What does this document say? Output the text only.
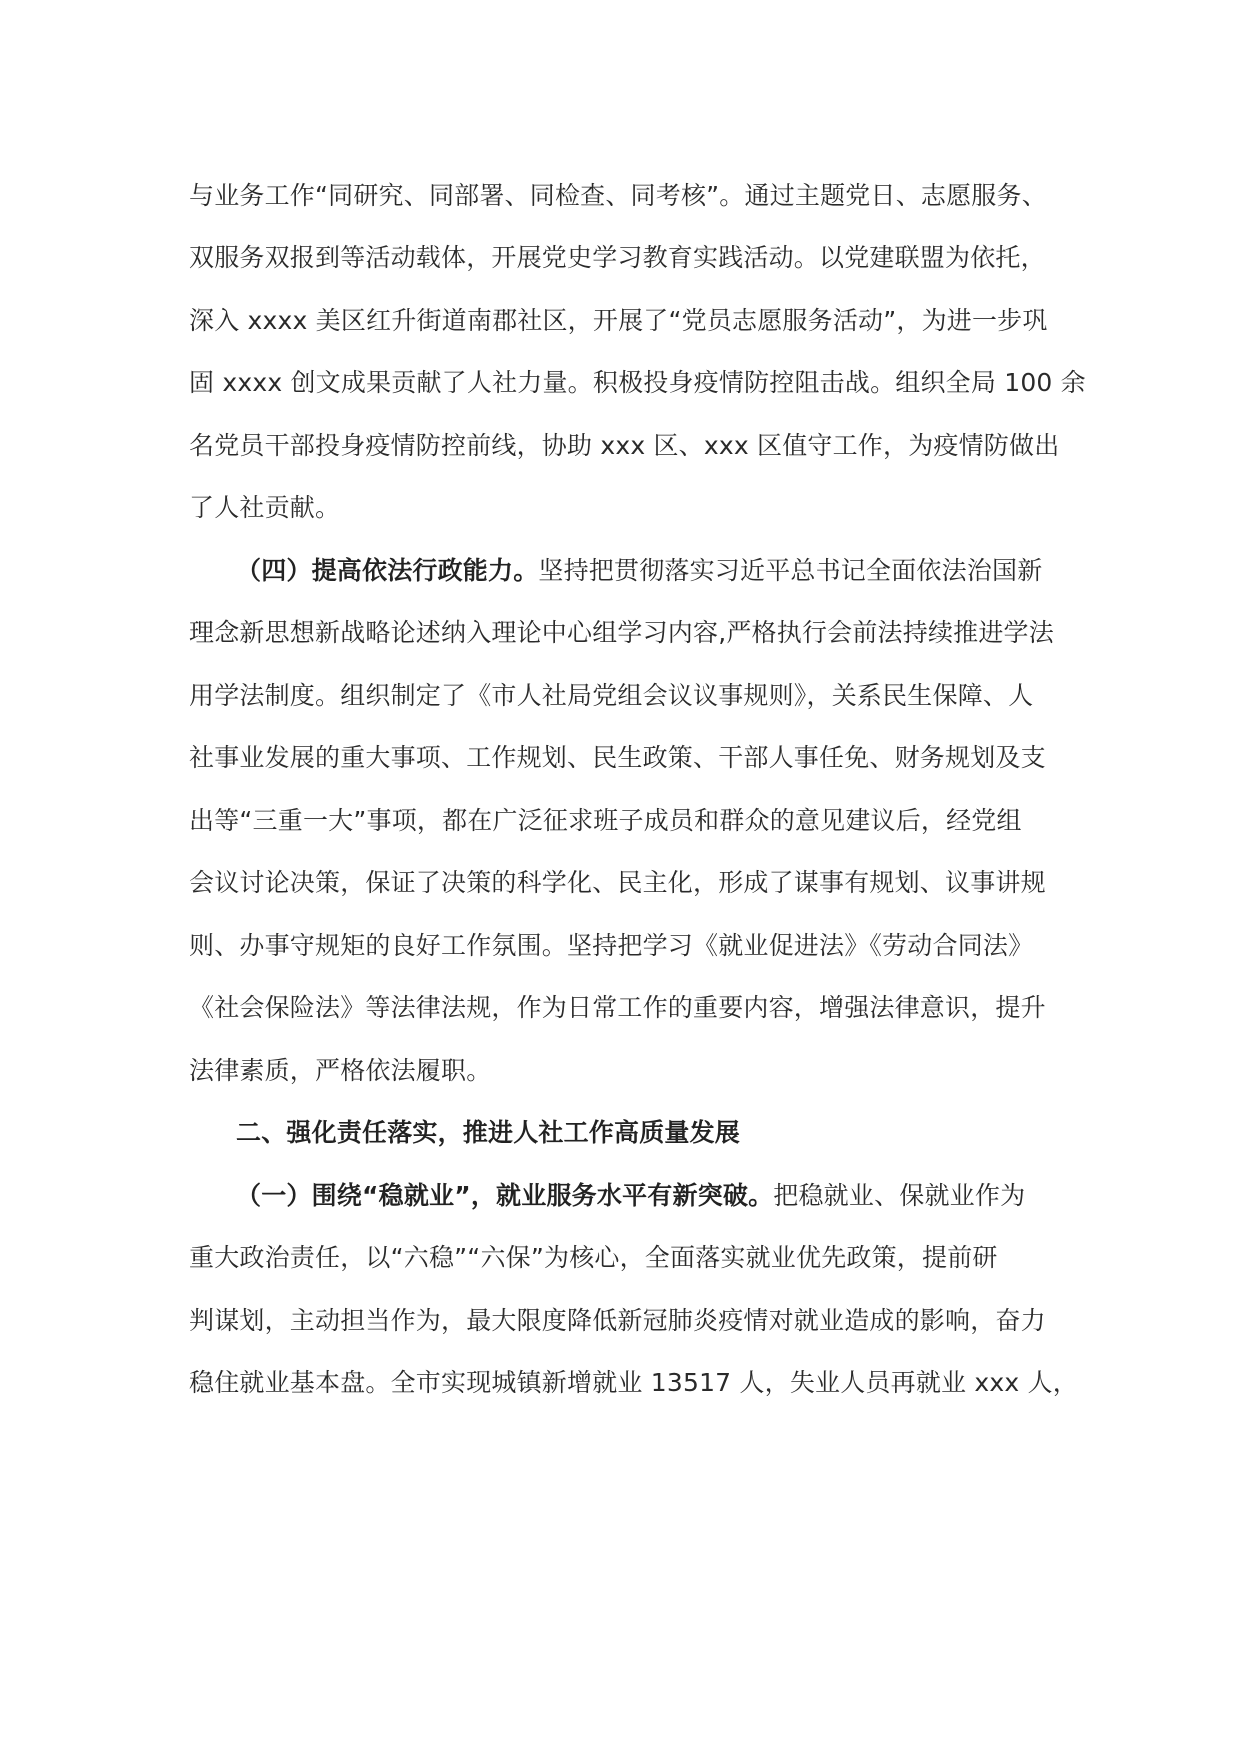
与业务工作“同研究、同部署、同检查、同考核”。通过主题党日、志愿服务、
双服务双报到等活动载体，开展党史学习教育实践活动。以党建联盟为依托，
深入 xxxx 美区红升街道南郡社区，开展了“党员志愿服务活动”，为进一步巩
固 xxxx 创文成果贡献了人社力量。积极投身疫情防控阻击战。组织全局 100 余
名党员干部投身疫情防控前线，协助 xxx 区、xxx 区值守工作，为疫情防做出
了人社贡献。
（四）提高依法行政能力。坚持把贯彻落实习近平总书记全面依法治国新
理念新思想新战略论述纳入理论中心组学习内容,严格执行会前法持续推进学法
用学法制度。组织制定了《市人社局党组会议议事规则》，关系民生保障、人
社事业发展的重大事项、工作规划、民生政策、干部人事任免、财务规划及支
出等“三重一大”事项，都在广泛征求班子成员和群众的意见建议后，经党组
会议讨论决策，保证了决策的科学化、民主化，形成了谋事有规划、议事讲规
则、办事守规矩的良好工作氛围。坚持把学习《就业促进法》《劳动合同法》
《社会保险法》等法律法规，作为日常工作的重要内容，增强法律意识，提升
法律素质，严格依法履职。
二、强化责任落实，推进人社工作高质量发展
（一）围绕“稳就业”，就业服务水平有新突破。把稳就业、保就业作为
重大政治责任，以“六稳”“六保”为核心，全面落实就业优先政策，提前研
判谋划，主动担当作为，最大限度降低新冠肺炎疫情对就业造成的影响，奋力
稳住就业基本盘。全市实现城镇新增就业 13517 人，失业人员再就业 xxx 人，
